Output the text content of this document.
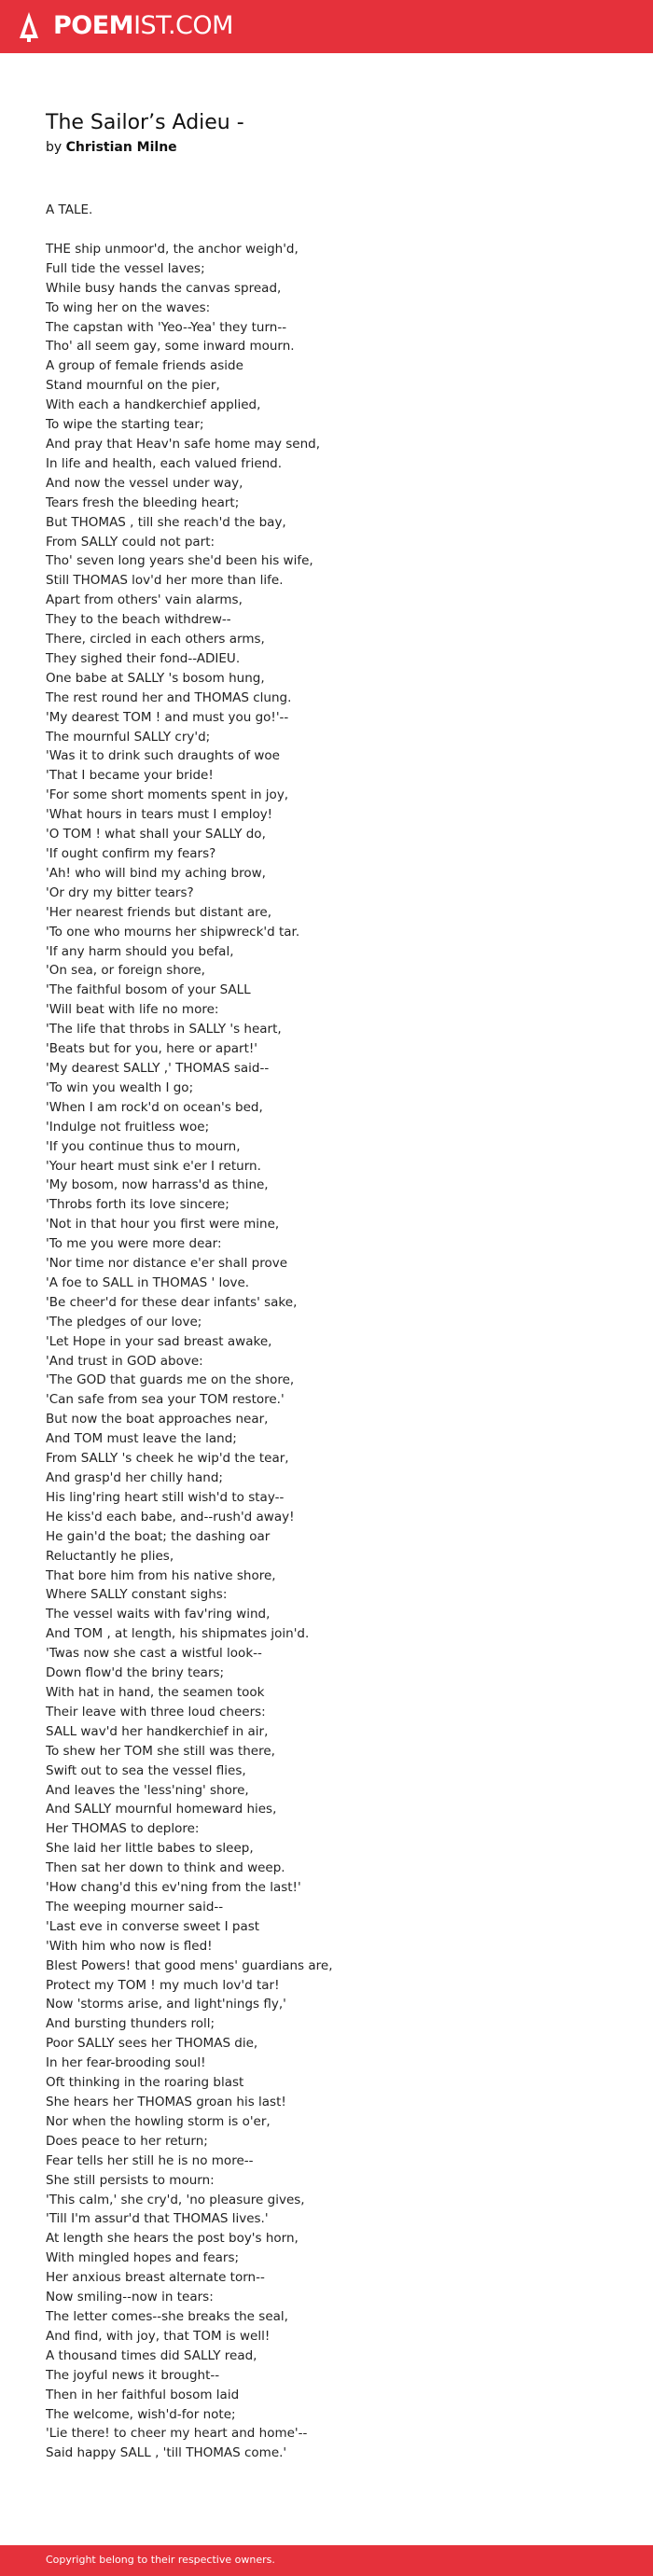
POEMIST.COM
The Sailor’s Adieu -
by Christian Milne
A TALE.
THE ship unmoor'd, the anchor weigh'd,
Full tide the vessel laves;
While busy hands the canvas spread,
To wing her on the waves:
The capstan with 'Yeo--Yea' they turn--
Tho' all seem gay, some inward mourn.
A group of female friends aside
Stand mournful on the pier,
With each a handkerchief applied,
To wipe the starting tear;
And pray that Heav'n safe home may send,
In life and health, each valued friend.
And now the vessel under way,
Tears fresh the bleeding heart;
But THOMAS , till she reach'd the bay,
From SALLY could not part:
Tho' seven long years she'd been his wife,
Still THOMAS lov'd her more than life.
Apart from others' vain alarms,
They to the beach withdrew--
There, circled in each others arms,
They sighed their fond--ADIEU.
One babe at SALLY 's bosom hung,
The rest round her and THOMAS clung.
'My dearest TOM ! and must you go!'--
The mournful SALLY cry'd;
'Was it to drink such draughts of woe
'That I became your bride!
'For some short moments spent in joy,
'What hours in tears must I employ!
'O TOM ! what shall your SALLY do,
'If ought confirm my fears?
'Ah! who will bind my aching brow,
'Or dry my bitter tears?
'Her nearest friends but distant are,
'To one who mourns her shipwreck'd tar.
'If any harm should you befal,
'On sea, or foreign shore,
'The faithful bosom of your SALL
'Will beat with life no more:
'The life that throbs in SALLY 's heart,
'Beats but for you, here or apart!'
'My dearest SALLY ,' THOMAS said--
'To win you wealth I go;
'When I am rock'd on ocean's bed,
'Indulge not fruitless woe;
'If you continue thus to mourn,
'Your heart must sink e'er I return.
'My bosom, now harrass'd as thine,
'Throbs forth its love sincere;
'Not in that hour you first were mine,
'To me you were more dear:
'Nor time nor distance e'er shall prove
'A foe to SALL in THOMAS ' love.
'Be cheer'd for these dear infants' sake,
'The pledges of our love;
'Let Hope in your sad breast awake,
'And trust in GOD above:
'The GOD that guards me on the shore,
'Can safe from sea your TOM restore.'
But now the boat approaches near,
And TOM must leave the land;
From SALLY 's cheek he wip'd the tear,
And grasp'd her chilly hand;
His ling'ring heart still wish'd to stay--
He kiss'd each babe, and--rush'd away!
He gain'd the boat; the dashing oar
Reluctantly he plies,
That bore him from his native shore,
Where SALLY constant sighs:
The vessel waits with fav'ring wind,
And TOM , at length, his shipmates join'd.
'Twas now she cast a wistful look--
Down flow'd the briny tears;
With hat in hand, the seamen took
Their leave with three loud cheers:
SALL wav'd her handkerchief in air,
To shew her TOM she still was there,
Swift out to sea the vessel flies,
And leaves the 'less'ning' shore,
And SALLY mournful homeward hies,
Her THOMAS to deplore:
She laid her little babes to sleep,
Then sat her down to think and weep.
'How chang'd this ev'ning from the last!'
The weeping mourner said--
'Last eve in converse sweet I past
'With him who now is fled!
Blest Powers! that good mens' guardians are,
Protect my TOM ! my much lov'd tar!
Now 'storms arise, and light'nings fly,'
And bursting thunders roll;
Poor SALLY sees her THOMAS die,
In her fear-brooding soul!
Oft thinking in the roaring blast
She hears her THOMAS groan his last!
Nor when the howling storm is o'er,
Does peace to her return;
Fear tells her still he is no more--
She still persists to mourn:
'This calm,' she cry'd, 'no pleasure gives,
'Till I'm assur'd that THOMAS lives.'
At length she hears the post boy's horn,
With mingled hopes and fears;
Her anxious breast alternate torn--
Now smiling--now in tears:
The letter comes--she breaks the seal,
And find, with joy, that TOM is well!
A thousand times did SALLY read,
The joyful news it brought--
Then in her faithful bosom laid
The welcome, wish'd-for note;
'Lie there! to cheer my heart and home'--
Said happy SALL , 'till THOMAS come.'
Copyright belong to their respective owners.
